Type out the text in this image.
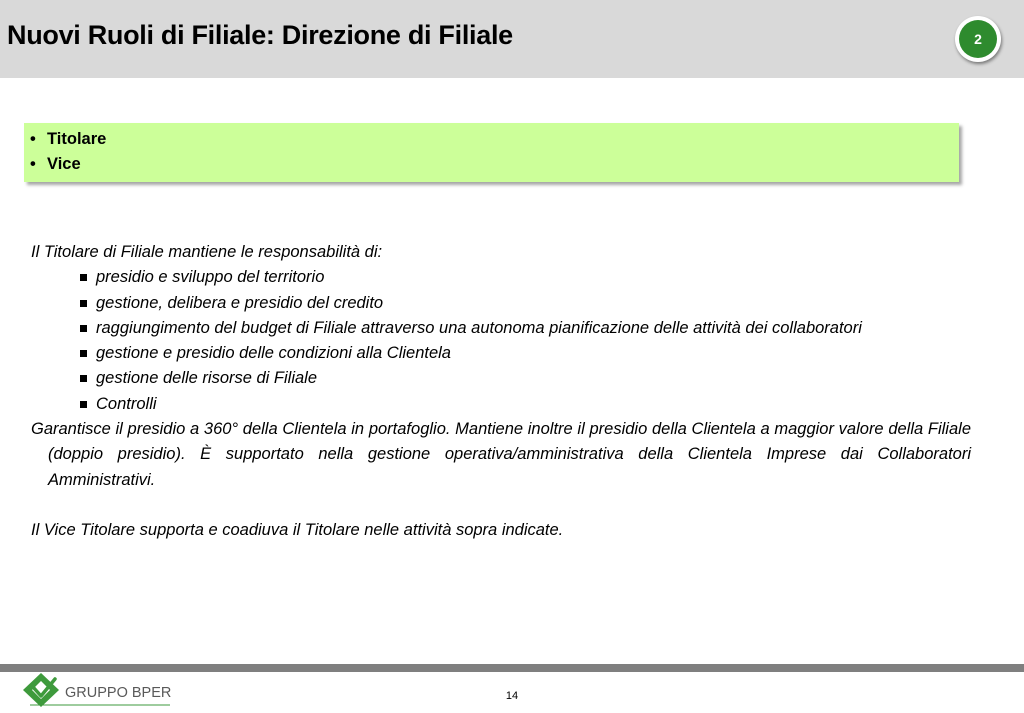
Nuovi Ruoli di Filiale: Direzione di Filiale	2
• Titolare
• Vice

Il Titolare di Filiale mantiene le responsabilità di:

presidio e sviluppo del territorio
gestione, delibera e presidio del credito
raggiungimento del budget di Filiale attraverso una autonoma pianificazione delle attività dei collaboratori
gestione e presidio delle condizioni alla Clientela
gestione delle risorse di Filiale
Controlli

Garantisce il presidio a 360° della Clientela in portafoglio. Mantiene inoltre il presidio della Clientela a maggior valore della Filiale (doppio presidio). È supportato nella gestione operativa/amministrativa della Clientela Imprese dai Collaboratori Amministrativi.

Il Vice Titolare supporta e coadiuva il Titolare nelle attività sopra indicate.

GRUPPO BPER	14
